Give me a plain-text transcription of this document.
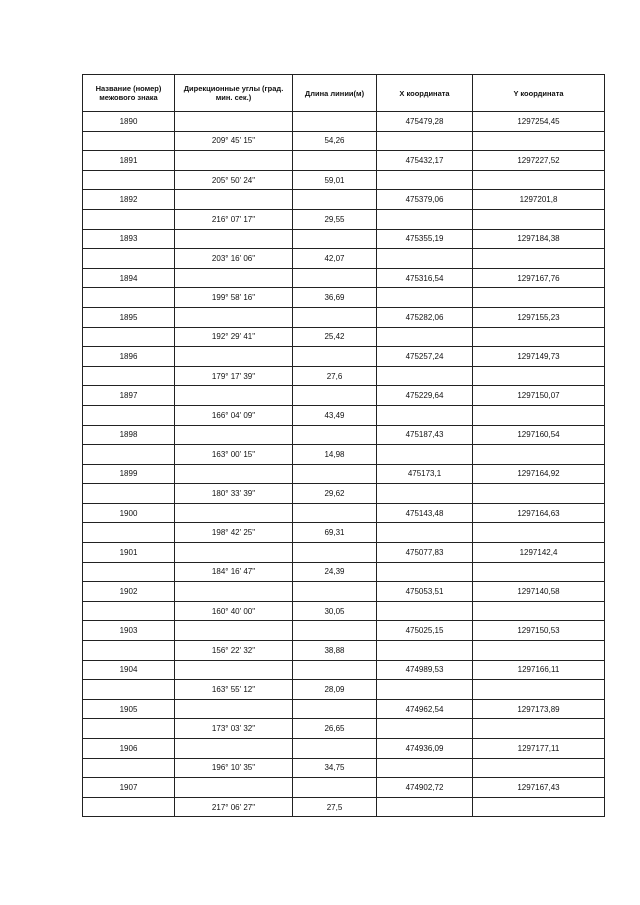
Название (номер) межового знака	Дирекционные углы (град. мин. сек.)	Длина линии(м)	X координата	Y координата
1890			475479,28	1297254,45
	209° 45' 15"	54,26		
1891			475432,17	1297227,52
	205° 50' 24"	59,01		
1892			475379,06	1297201,8
	216° 07' 17"	29,55		
1893			475355,19	1297184,38
	203° 16' 06"	42,07		
1894			475316,54	1297167,76
	199° 58' 16"	36,69		
1895			475282,06	1297155,23
	192° 29' 41"	25,42		
1896			475257,24	1297149,73
	179° 17' 39"	27,6		
1897			475229,64	1297150,07
	166° 04' 09"	43,49		
1898			475187,43	1297160,54
	163° 00' 15"	14,98		
1899			475173,1	1297164,92
	180° 33' 39"	29,62		
1900			475143,48	1297164,63
	198° 42' 25"	69,31		
1901			475077,83	1297142,4
	184° 16' 47"	24,39		
1902			475053,51	1297140,58
	160° 40' 00"	30,05		
1903			475025,15	1297150,53
	156° 22' 32"	38,88		
1904			474989,53	1297166,11
	163° 55' 12"	28,09		
1905			474962,54	1297173,89
	173° 03' 32"	26,65		
1906			474936,09	1297177,11
	196° 10' 35"	34,75		
1907			474902,72	1297167,43
	217° 06' 27"	27,5		
